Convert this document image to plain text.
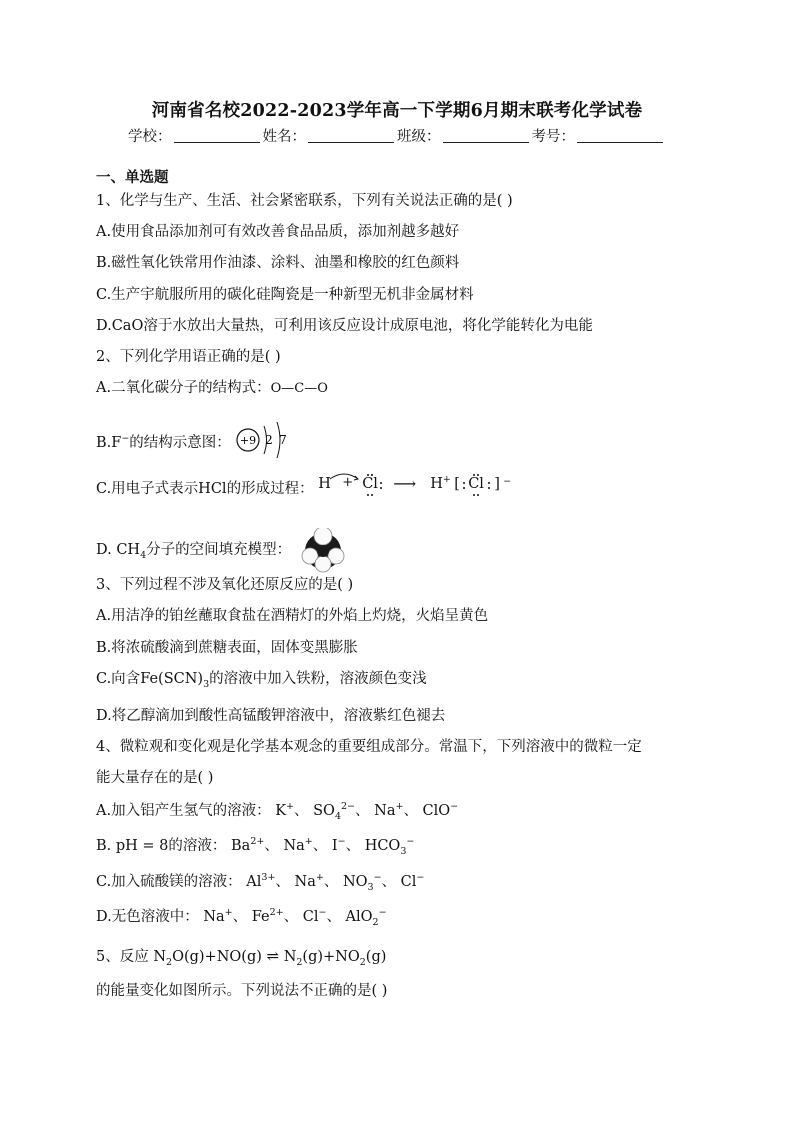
河南省名校2022-2023学年高一下学期6月期末联考化学试卷
学校：	姓名：	班级：	考号：
一、单选题
1、化学与生产、生活、社会紧密联系，下列有关说法正确的是( )
A.使用食品添加剂可有效改善食品品质，添加剂越多越好
B.磁性氧化铁常用作油漆、涂料、油墨和橡胶的红色颜料
C.生产宇航服所用的碳化硅陶瓷是一种新型无机非金属材料
D.CaO溶于水放出大量热，可利用该反应设计成原电池，将化学能转化为电能
2、下列化学用语正确的是( )
A.二氧化碳分子的结构式：O—C—O
B.F−的结构示意图： +9 2 7
C.用电子式表示HCl的形成过程： H + Cl ⟶ H+ [ Cl ] −
D. $CH_4$分子的空间填充模型：
3、下列过程不涉及氧化还原反应的是( )
A.用洁净的铂丝蘸取食盐在酒精灯的外焰上灼烧，火焰呈黄色
B.将浓硫酸滴到蔗糖表面，固体变黑膨胀
C.向含$Fe(SCN)_3$的溶液中加入铁粉，溶液颜色变浅
D.将乙醇滴加到酸性高锰酸钾溶液中，溶液紫红色褪去
4、微粒观和变化观是化学基本观念的重要组成部分。常温下，下列溶液中的微粒一定
能大量存在的是( )
A.加入铝产生氢气的溶液： K+、 $SO_4^{2-}$、 Na+、 ClO−
B. pH = 8的溶液： $Ba^{2+}$、 Na+、 I−、 $HCO_3^-$
C.加入硫酸镁的溶液： $Al^{3+}$、 Na+、 $NO_3^-$、 Cl−
D.无色溶液中： Na+、 $Fe^{2+}$、 Cl−、 AlO$_2$−
5、反应 $N_2O(g)+NO(g)$ ⇌ $N_2(g)+NO_2(g)$
的能量变化如图所示。下列说法不正确的是( )
